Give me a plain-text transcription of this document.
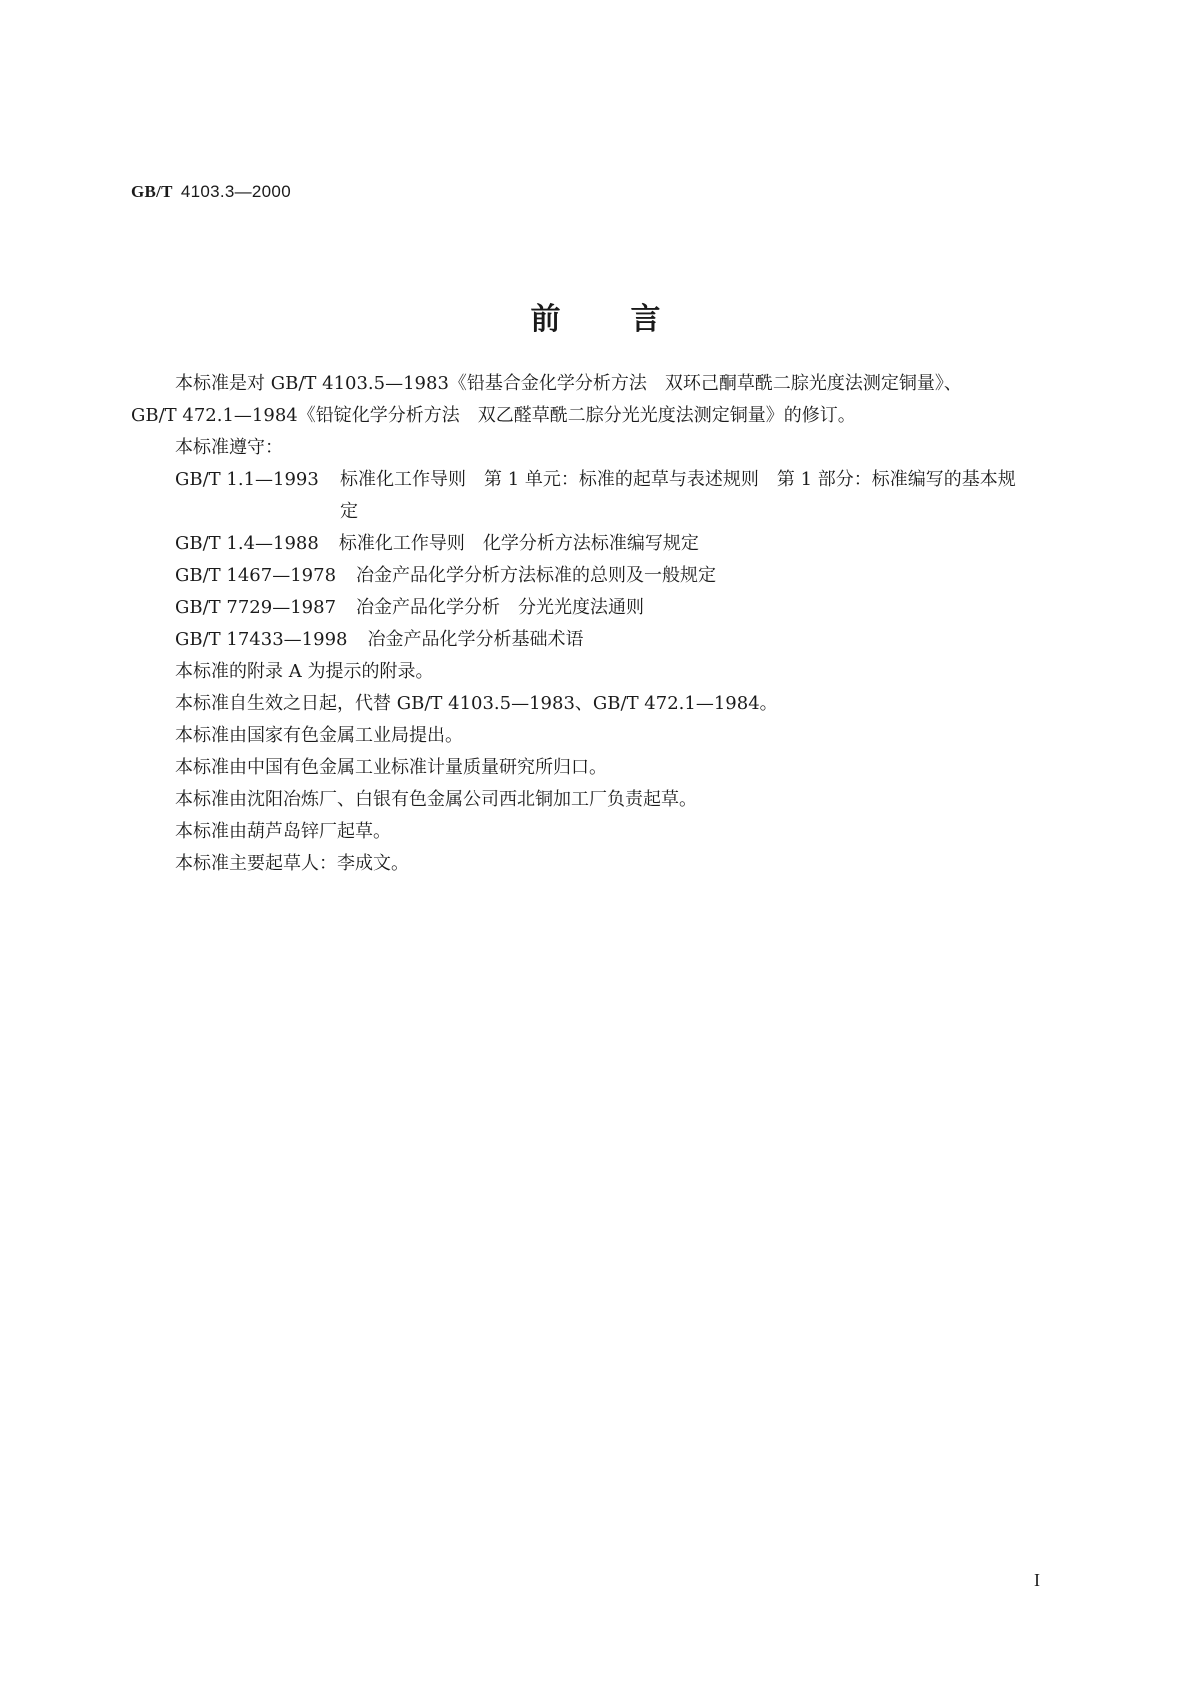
GB/T 4103.3—2000
前 言

本标准是对 GB/T 4103.5—1983《铅基合金化学分析方法　双环己酮草酰二腙光度法测定铜量》、

GB/T 472.1—1984《铅锭化学分析方法　双乙醛草酰二腙分光光度法测定铜量》的修订。

本标准遵守：

GB/T 1.1—1993	标准化工作导则　第 1 单元：标准的起草与表述规则　第 1 部分：标准编写的基本规定
GB/T 1.4—1988 标准化工作导则　化学分析方法标准编写规定
GB/T 1467—1978 冶金产品化学分析方法标准的总则及一般规定
GB/T 7729—1987 冶金产品化学分析　分光光度法通则
GB/T 17433—1998 冶金产品化学分析基础术语

本标准的附录 A 为提示的附录。

本标准自生效之日起，代替 GB/T 4103.5—1983、GB/T 472.1—1984。

本标准由国家有色金属工业局提出。

本标准由中国有色金属工业标准计量质量研究所归口。

本标准由沈阳冶炼厂、白银有色金属公司西北铜加工厂负责起草。

本标准由葫芦岛锌厂起草。

本标准主要起草人：李成文。

I
